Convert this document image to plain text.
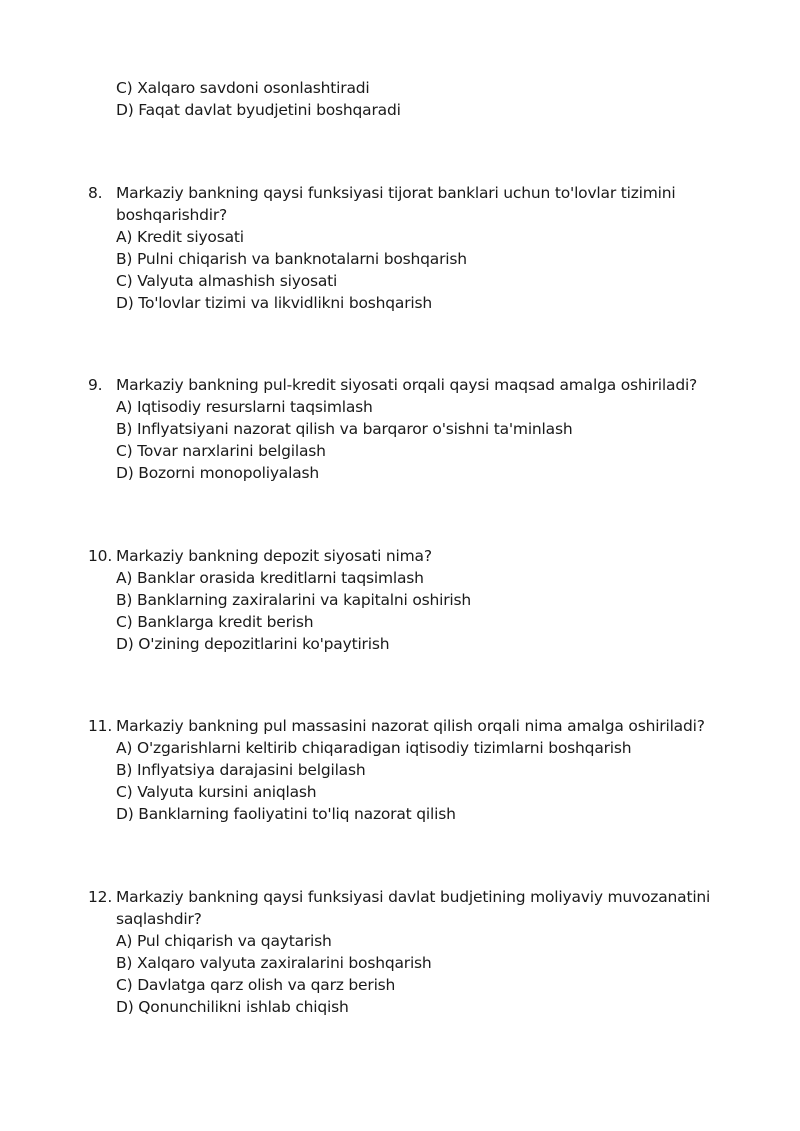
C) Xalqaro savdoni osonlashtiradi
D) Faqat davlat byudjetini boshqaradi
8. Markaziy bankning qaysi funksiyasi tijorat banklari uchun to'lovlar tizimini
boshqarishdir?
A) Kredit siyosati
B) Pulni chiqarish va banknotalarni boshqarish
C) Valyuta almashish siyosati
D) To'lovlar tizimi va likvidlikni boshqarish
9. Markaziy bankning pul-kredit siyosati orqali qaysi maqsad amalga oshiriladi?
A) Iqtisodiy resurslarni taqsimlash
B) Inflyatsiyani nazorat qilish va barqaror o'sishni ta'minlash
C) Tovar narxlarini belgilash
D) Bozorni monopoliyalash
10. Markaziy bankning depozit siyosati nima?
A) Banklar orasida kreditlarni taqsimlash
B) Banklarning zaxiralarini va kapitalni oshirish
C) Banklarga kredit berish
D) O'zining depozitlarini ko'paytirish
11. Markaziy bankning pul massasini nazorat qilish orqali nima amalga oshiriladi?
A) O'zgarishlarni keltirib chiqaradigan iqtisodiy tizimlarni boshqarish
B) Inflyatsiya darajasini belgilash
C) Valyuta kursini aniqlash
D) Banklarning faoliyatini to'liq nazorat qilish
12. Markaziy bankning qaysi funksiyasi davlat budjetining moliyaviy muvozanatini
saqlashdir?
A) Pul chiqarish va qaytarish
B) Xalqaro valyuta zaxiralarini boshqarish
C) Davlatga qarz olish va qarz berish
D) Qonunchilikni ishlab chiqish
